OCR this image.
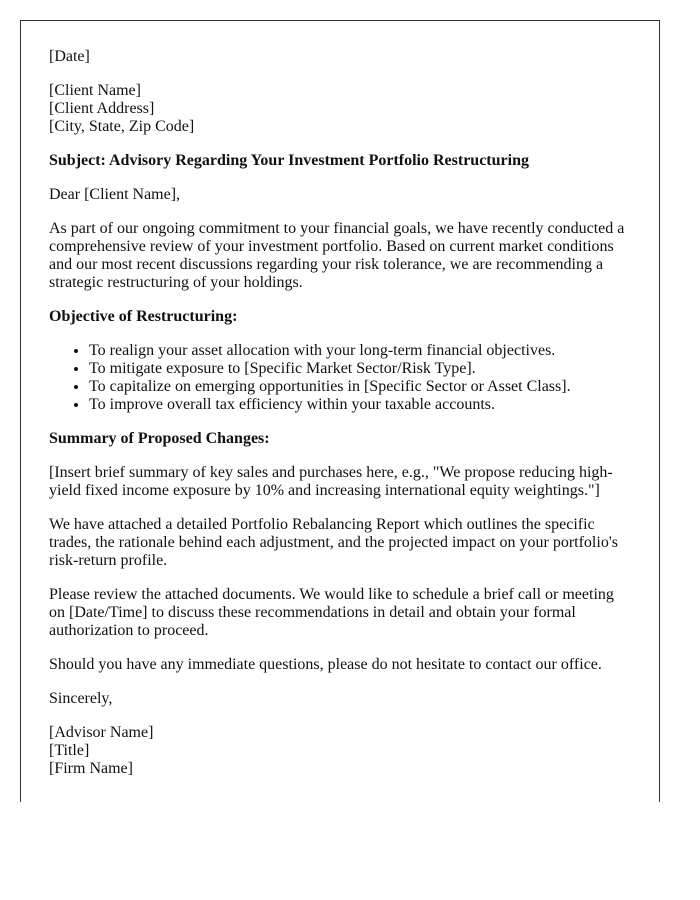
[Date]

[Client Name]
[Client Address]
[City, State, Zip Code]

Subject: Advisory Regarding Your Investment Portfolio Restructuring

Dear [Client Name],

As part of our ongoing commitment to your financial goals, we have recently conducted a comprehensive review of your investment portfolio. Based on current market conditions and our most recent discussions regarding your risk tolerance, we are recommending a strategic restructuring of your holdings.

Objective of Restructuring:

• To realign your asset allocation with your long-term financial objectives.
• To mitigate exposure to [Specific Market Sector/Risk Type].
• To capitalize on emerging opportunities in [Specific Sector or Asset Class].
• To improve overall tax efficiency within your taxable accounts.

Summary of Proposed Changes:

[Insert brief summary of key sales and purchases here, e.g., "We propose reducing high-yield fixed income exposure by 10% and increasing international equity weightings."]

We have attached a detailed Portfolio Rebalancing Report which outlines the specific trades, the rationale behind each adjustment, and the projected impact on your portfolio's risk-return profile.

Please review the attached documents. We would like to schedule a brief call or meeting on [Date/Time] to discuss these recommendations in detail and obtain your formal authorization to proceed.

Should you have any immediate questions, please do not hesitate to contact our office.

Sincerely,

[Advisor Name]
[Title]
[Firm Name]
